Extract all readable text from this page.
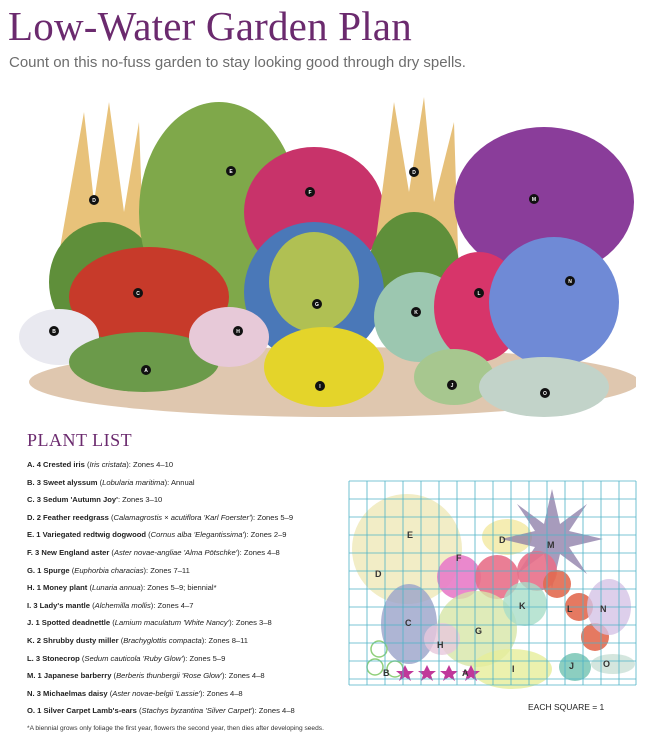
Low-Water Garden Plan

Count on this no-fuss garden to stay looking good through dry spells.

D
E
F
D
M
C
B	H
A
G
K
L
N
I	J
O
PLANT LIST
A. 4 Crested iris (Iris cristata): Zones 4–10
B. 3 Sweet alyssum (Lobularia maritima): Annual
C. 3 Sedum 'Autumn Joy': Zones 3–10
D. 2 Feather reedgrass (Calamagrostis × acutiflora 'Karl Foerster'): Zones 5–9
E. 1 Variegated redtwig dogwood (Cornus alba 'Elegantissima'): Zones 2–9
F. 3 New England aster (Aster novae-angliae 'Alma Pötschke'): Zones 4–8
G. 1 Spurge (Euphorbia characias): Zones 7–11
H. 1 Money plant (Lunaria annua): Zones 5–9; biennial*
I. 3 Lady's mantle (Alchemilla mollis): Zones 4–7
J. 1 Spotted deadnettle (Lamium maculatum 'White Nancy'): Zones 3–8
K. 2 Shrubby dusty miller (Brachyglottis compacta): Zones 8–11
L. 3 Stonecrop (Sedum cauticola 'Ruby Glow'): Zones 5–9
M. 1 Japanese barberry (Berberis thunbergii 'Rose Glow'): Zones 4–8
N. 3 Michaelmas daisy (Aster novae-belgii 'Lassie'): Zones 4–8
O. 1 Silver Carpet Lamb's-ears (Stachys byzantina 'Silver Carpet'): Zones 4–8
*A biennial grows only foliage the first year, flowers the second year, then dies after developing seeds.
E	D	M
F
D
C
G
K	L	N
H
B	A	I	J	O
EACH SQUARE = 1
